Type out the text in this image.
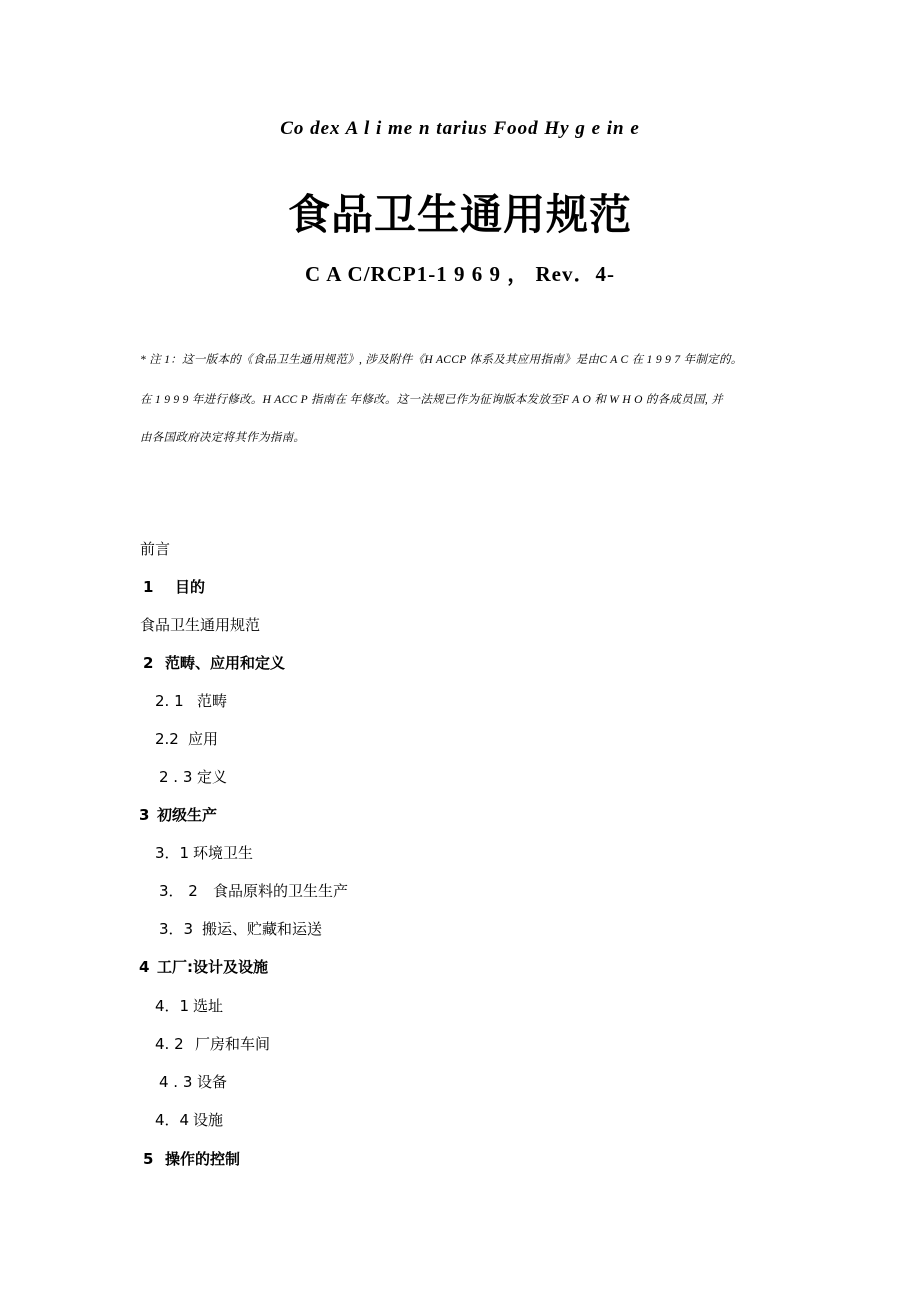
Co dex A l i me n tarius Food Hy g e in e
食品卫生通用规范
C A C/RCP1-1 9 6 9 ， Rev．4-
* 注 1：这一版本的《食品卫生通用规范》, 涉及附件《H ACCP 体系及其应用指南》是由C A C 在 1 9 9 7 年制定的。
在 1 9 9 9 年进行修改。H ACC P 指南在 年修改。这一法规已作为征询版本发放至F A O 和 W H O 的各成员国, 并
由各国政府决定将其作为指南。
前言
1 目的
食品卫生通用规范
2 范畴、应用和定义
2. 1 范畴
2.2 应用
2 . 3 定义
3 初级生产
3．1 环境卫生
3． 2 食品原料的卫生生产
3．3 搬运、贮藏和运送
4 工厂:设计及设施
4．1 选址
4. 2 厂房和车间
4 . 3 设备
4．4 设施
5 操作的控制
